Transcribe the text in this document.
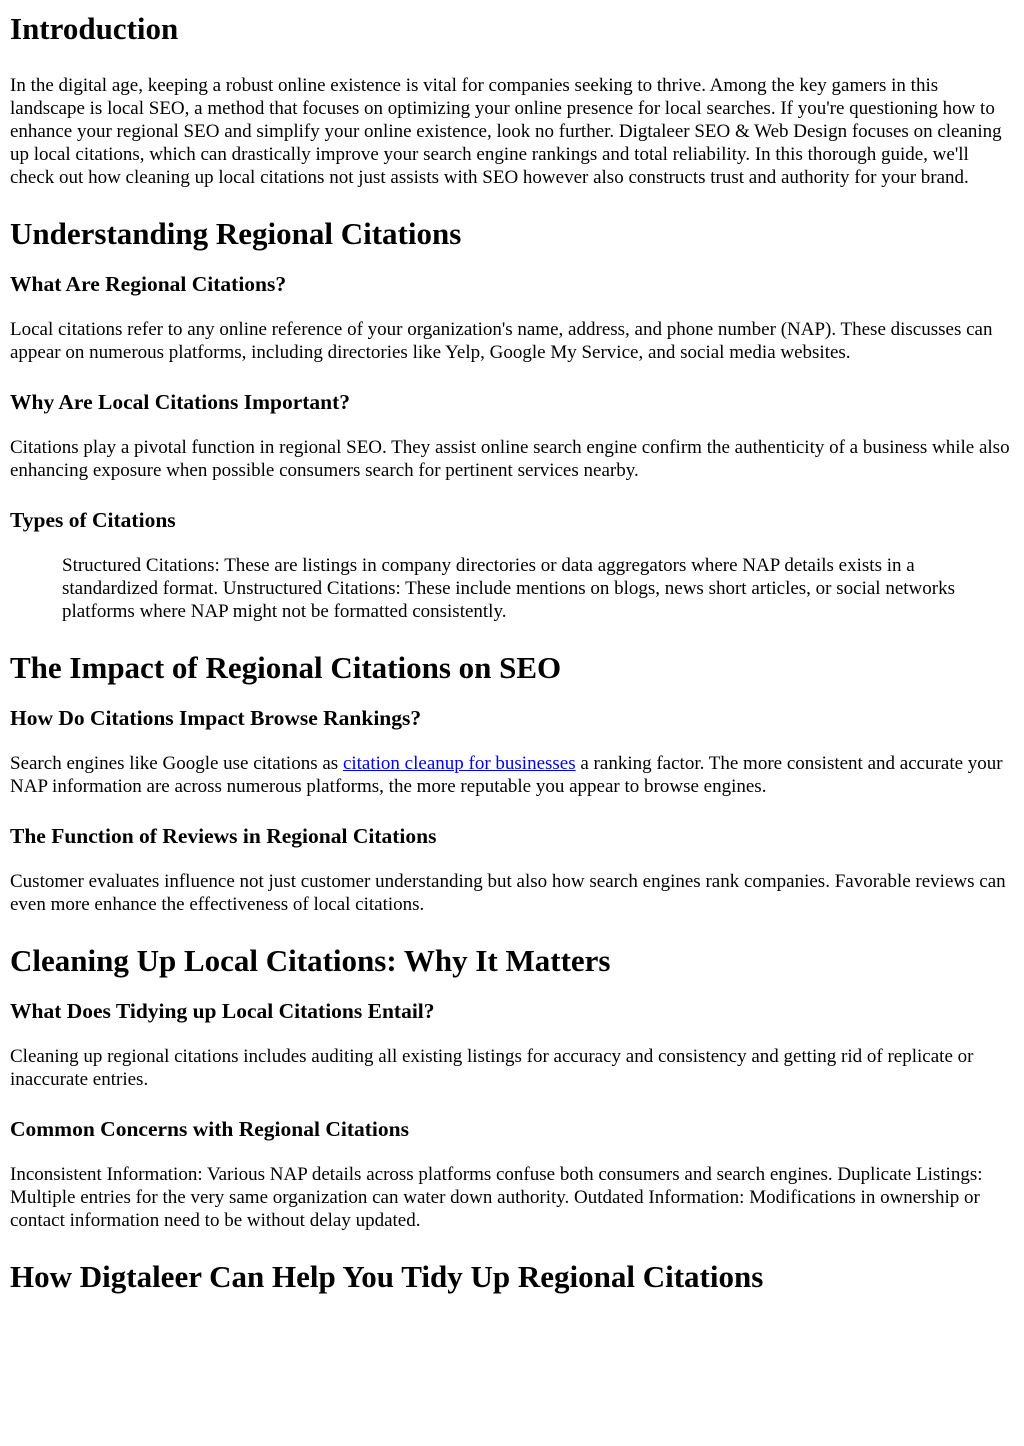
Introduction

In the digital age, keeping a robust online existence is vital for companies seeking to thrive. Among the key gamers in this landscape is local SEO, a method that focuses on optimizing your online presence for local searches. If you're questioning how to enhance your regional SEO and simplify your online existence, look no further. Digtaleer SEO & Web Design focuses on cleaning up local citations, which can drastically improve your search engine rankings and total reliability. In this thorough guide, we'll check out how cleaning up local citations not just assists with SEO however also constructs trust and authority for your brand.

Understanding Regional Citations
What Are Regional Citations?

Local citations refer to any online reference of your organization's name, address, and phone number (NAP). These discusses can appear on numerous platforms, including directories like Yelp, Google My Service, and social media websites.

Why Are Local Citations Important?

Citations play a pivotal function in regional SEO. They assist online search engine confirm the authenticity of a business while also enhancing exposure when possible consumers search for pertinent services nearby.

Types of Citations

Structured Citations: These are listings in company directories or data aggregators where NAP details exists in a standardized format. Unstructured Citations: These include mentions on blogs, news short articles, or social networks platforms where NAP might not be formatted consistently.

The Impact of Regional Citations on SEO
How Do Citations Impact Browse Rankings?

Search engines like Google use citations as citation cleanup for businesses a ranking factor. The more consistent and accurate your NAP information are across numerous platforms, the more reputable you appear to browse engines.

The Function of Reviews in Regional Citations

Customer evaluates influence not just customer understanding but also how search engines rank companies. Favorable reviews can even more enhance the effectiveness of local citations.

Cleaning Up Local Citations: Why It Matters
What Does Tidying up Local Citations Entail?

Cleaning up regional citations includes auditing all existing listings for accuracy and consistency and getting rid of replicate or inaccurate entries.

Common Concerns with Regional Citations

Inconsistent Information: Various NAP details across platforms confuse both consumers and search engines. Duplicate Listings: Multiple entries for the very same organization can water down authority. Outdated Information: Modifications in ownership or contact information need to be without delay updated.

How Digtaleer Can Help You Tidy Up Regional Citations
